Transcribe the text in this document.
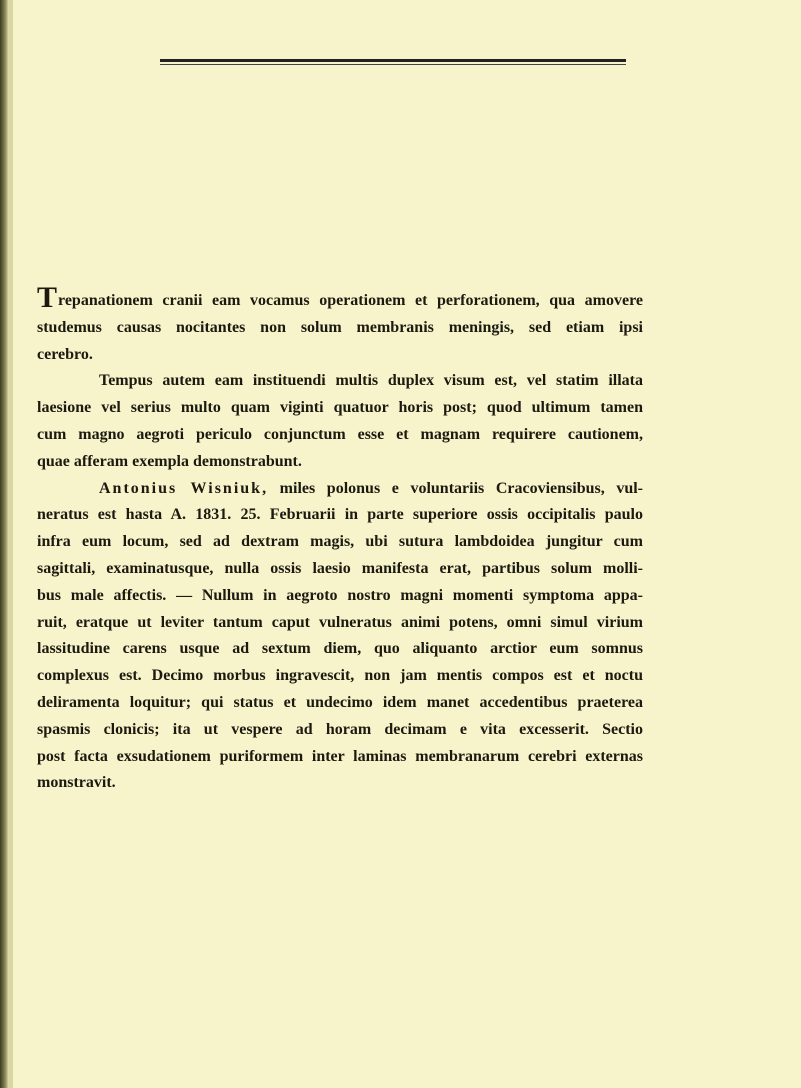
Trepanationem cranii eam vocamus operationem et perforationem, qua amovere
studemus causas nocitantes non solum membranis meningis, sed etiam ipsi
cerebro.
Tempus autem eam instituendi multis duplex visum est, vel statim illata
laesione vel serius multo quam viginti quatuor horis post; quod ultimum tamen
cum magno aegroti periculo conjunctum esse et magnam requirere cautionem,
quae afferam exempla demonstrabunt.
Antonius Wisniuk, miles polonus e voluntariis Cracoviensibus, vul-
neratus est hasta A. 1831. 25. Februarii in parte superiore ossis occipitalis paulo
infra eum locum, sed ad dextram magis, ubi sutura lambdoidea jungitur cum
sagittali, examinatusque, nulla ossis laesio manifesta erat, partibus solum molli-
bus male affectis. — Nullum in aegroto nostro magni momenti symptoma appa-
ruit, eratque ut leviter tantum caput vulneratus animi potens, omni simul virium
lassitudine carens usque ad sextum diem, quo aliquanto arctior eum somnus
complexus est. Decimo morbus ingravescit, non jam mentis compos est et noctu
deliramenta loquitur; qui status et undecimo idem manet accedentibus praeterea
spasmis clonicis; ita ut vespere ad horam decimam e vita excesserit. Sectio
post facta exsudationem puriformem inter laminas membranarum cerebri externas
monstravit.
